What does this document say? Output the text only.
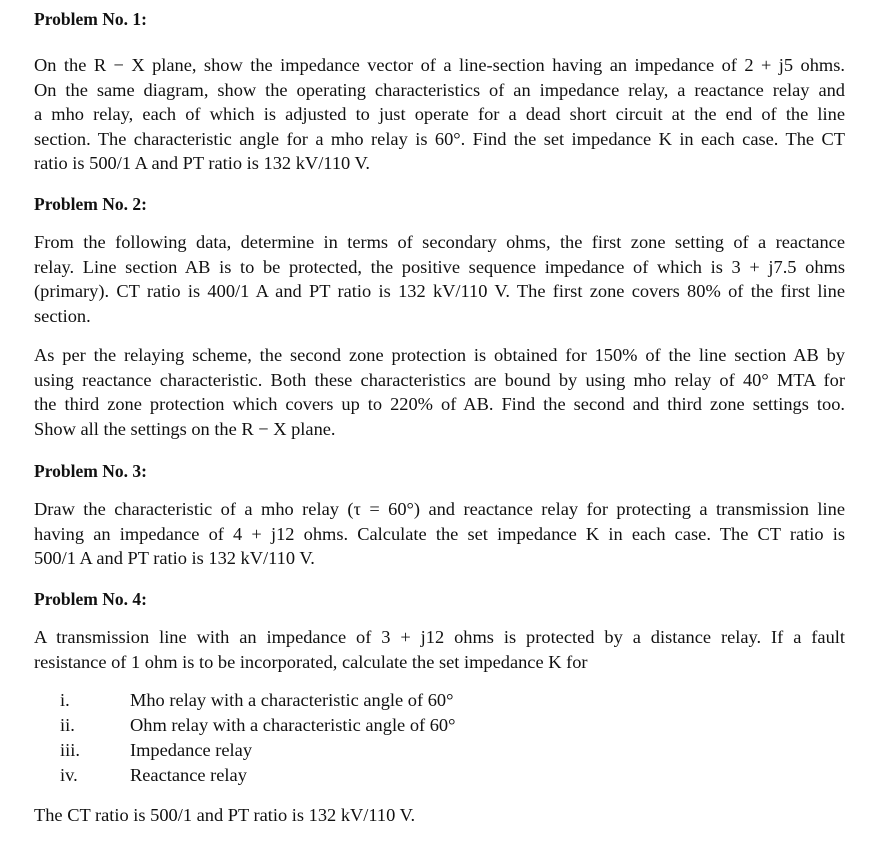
Problem No. 1:
On the R − X plane, show the impedance vector of a line-section having an impedance of 2 + j5 ohms.
On the same diagram, show the operating characteristics of an impedance relay, a reactance relay and
a mho relay, each of which is adjusted to just operate for a dead short circuit at the end of the line
section. The characteristic angle for a mho relay is 60°. Find the set impedance K in each case. The CT
ratio is 500/1 A and PT ratio is 132 kV/110 V.
Problem No. 2:
From the following data, determine in terms of secondary ohms, the first zone setting of a reactance
relay. Line section AB is to be protected, the positive sequence impedance of which is 3 + j7.5 ohms
(primary). CT ratio is 400/1 A and PT ratio is 132 kV/110 V. The first zone covers 80% of the first line
section.
As per the relaying scheme, the second zone protection is obtained for 150% of the line section AB by
using reactance characteristic. Both these characteristics are bound by using mho relay of 40° MTA for
the third zone protection which covers up to 220% of AB. Find the second and third zone settings too.
Show all the settings on the R − X plane.
Problem No. 3:
Draw the characteristic of a mho relay (τ = 60°) and reactance relay for protecting a transmission line
having an impedance of 4 + j12 ohms. Calculate the set impedance K in each case. The CT ratio is
500/1 A and PT ratio is 132 kV/110 V.
Problem No. 4:
A transmission line with an impedance of 3 + j12 ohms is protected by a distance relay. If a fault
resistance of 1 ohm is to be incorporated, calculate the set impedance K for
i.	Mho relay with a characteristic angle of 60°
ii.	Ohm relay with a characteristic angle of 60°
iii.	Impedance relay
iv.	Reactance relay
The CT ratio is 500/1 and PT ratio is 132 kV/110 V.
